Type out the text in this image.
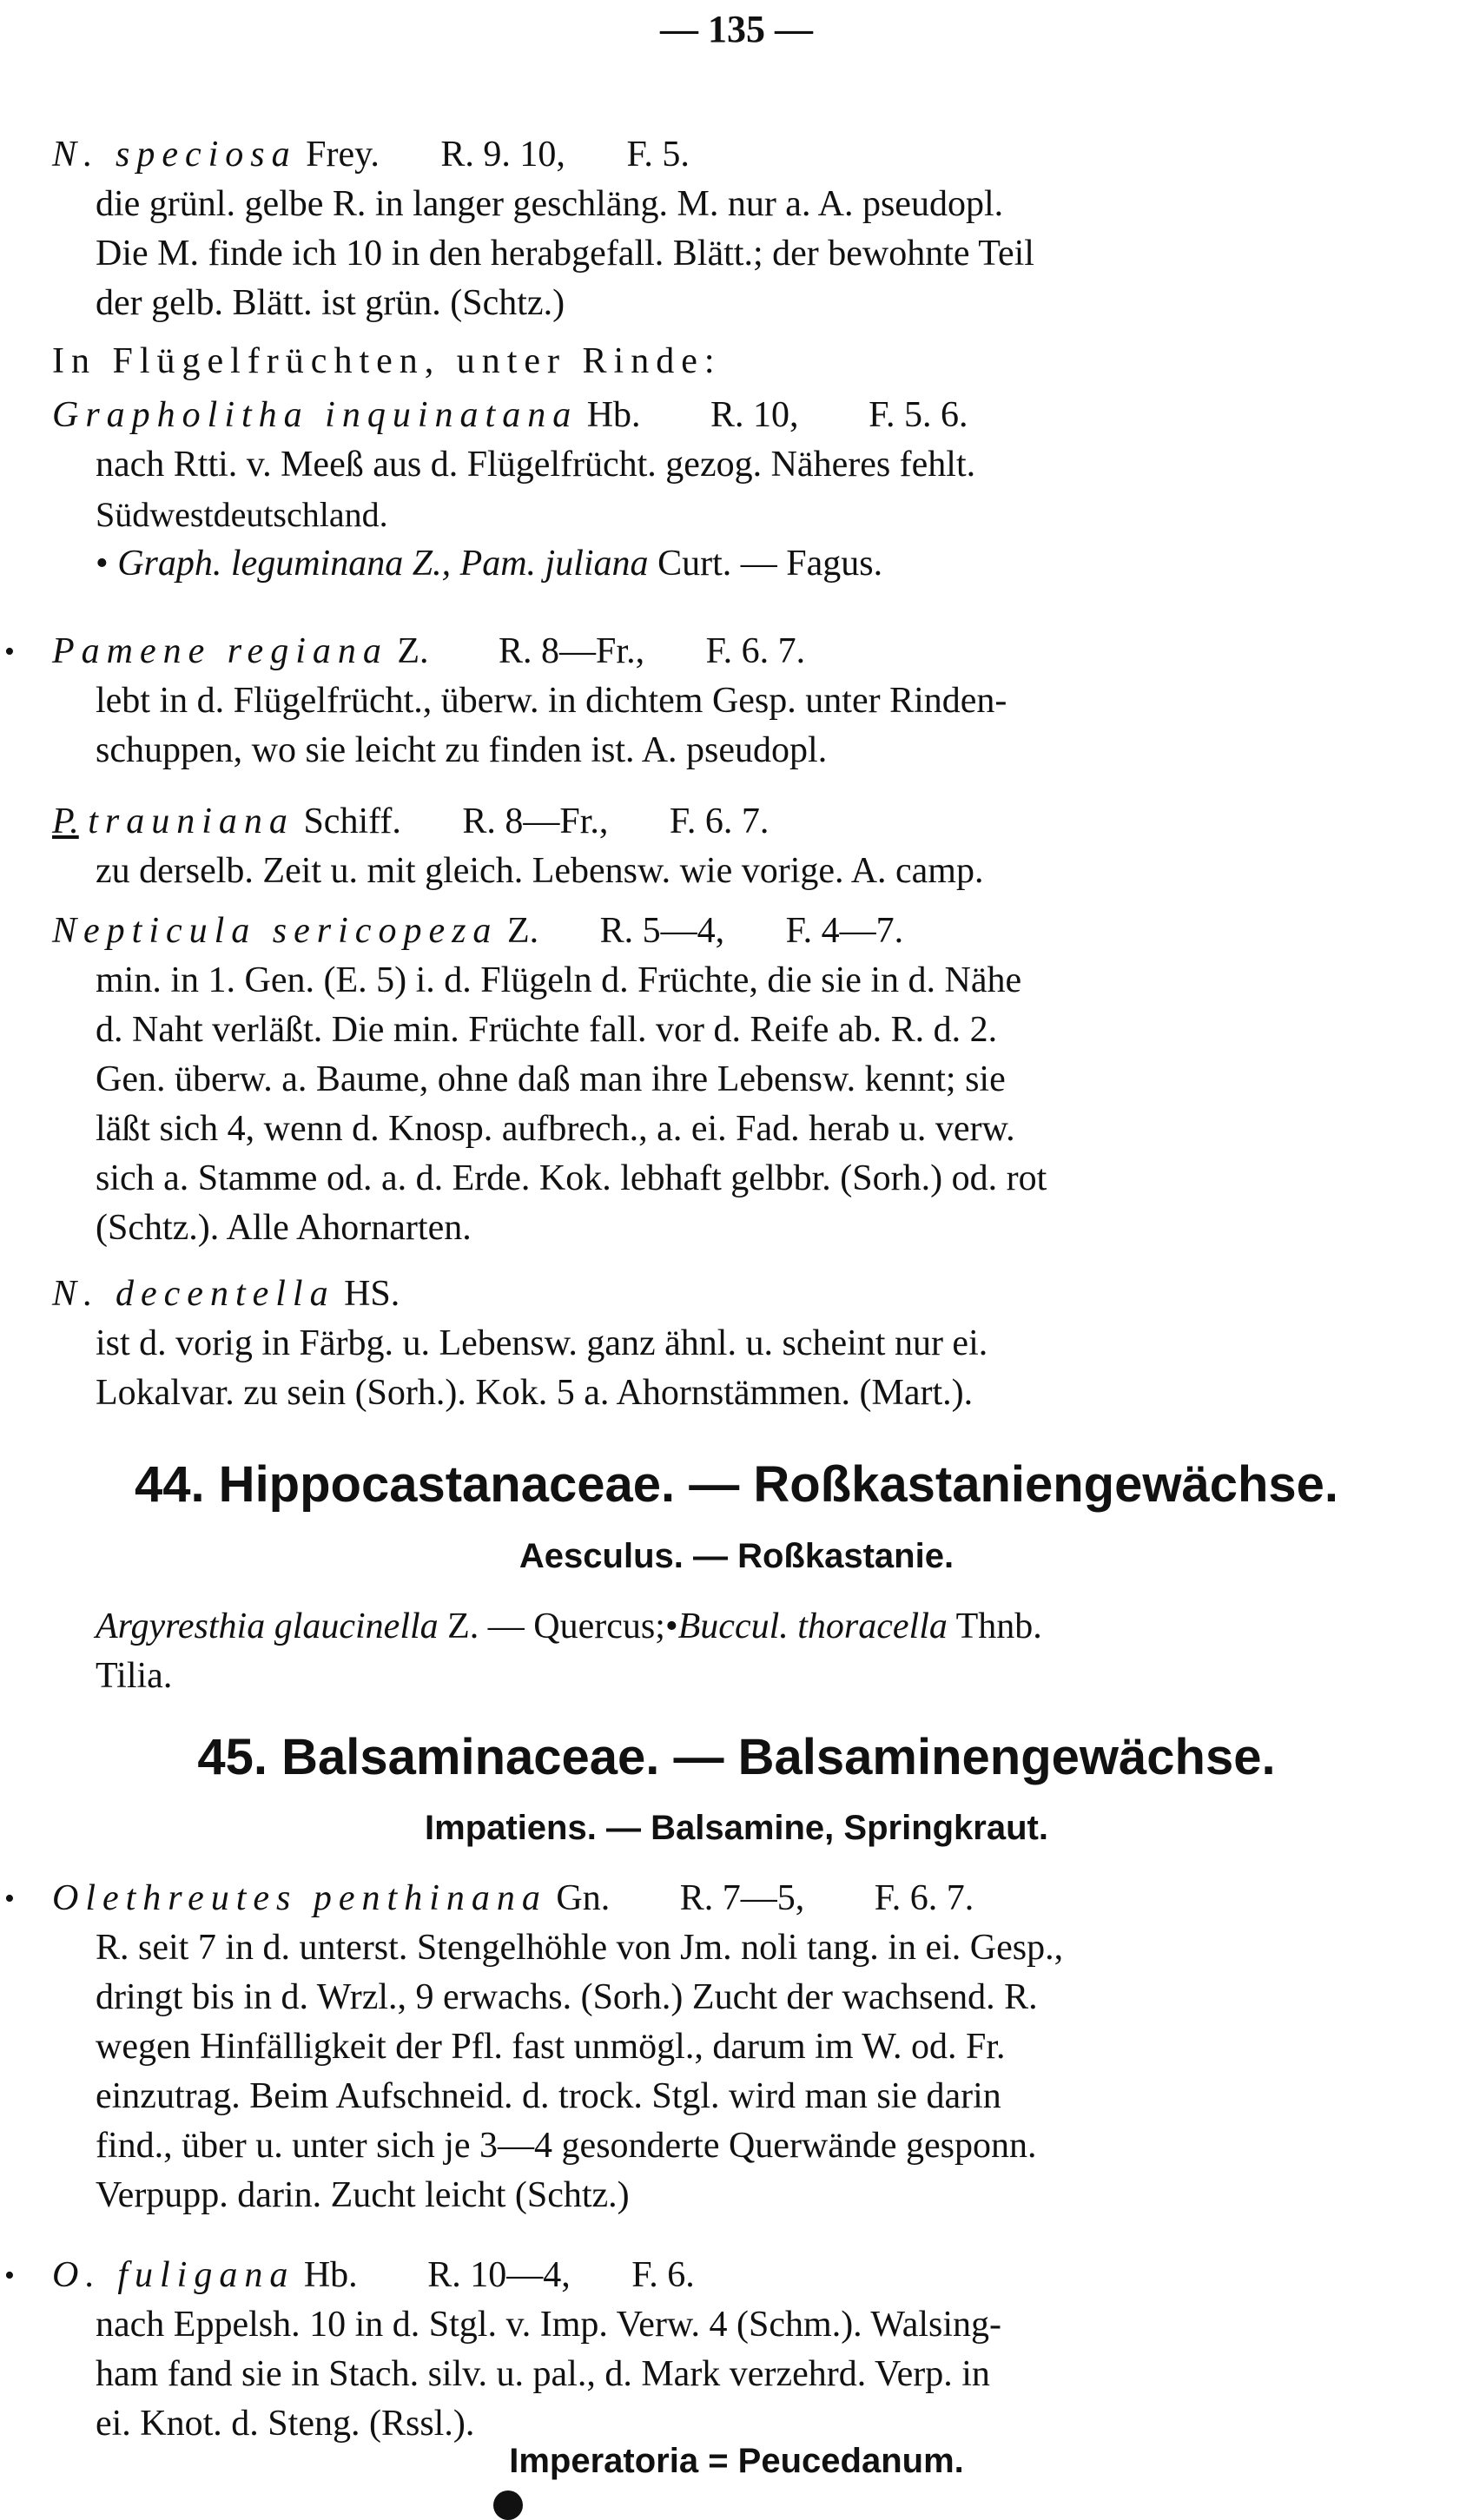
— 135 —
N. speciosa Frey. R. 9. 10, F. 5.
die grünl. gelbe R. in langer geschläng. M. nur a. A. pseudopl.
Die M. finde ich 10 in den herabgefall. Blätt.; der bewohnte Teil
der gelb. Blätt. ist grün. (Schtz.)
In Flügelfrüchten, unter Rinde:
Grapholitha inquinatana Hb. R. 10, F. 5. 6.
nach Rtti. v. Meeß aus d. Flügelfrücht. gezog. Näheres fehlt.
Südwestdeutschland.
• Graph. leguminana Z., Pam. juliana Curt. — Fagus.
• Pamene regiana Z. R. 8—Fr., F. 6. 7.
lebt in d. Flügelfrücht., überw. in dichtem Gesp. unter Rinden-
schuppen, wo sie leicht zu finden ist. A. pseudopl.
P. trauniana Schiff. R. 8—Fr., F. 6. 7.
zu derselb. Zeit u. mit gleich. Lebensw. wie vorige. A. camp.
Nepticula sericopeza Z. R. 5—4, F. 4—7.
min. in 1. Gen. (E. 5) i. d. Flügeln d. Früchte, die sie in d. Nähe
d. Naht verläßt. Die min. Früchte fall. vor d. Reife ab. R. d. 2.
Gen. überw. a. Baume, ohne daß man ihre Lebensw. kennt; sie
läßt sich 4, wenn d. Knosp. aufbrech., a. ei. Fad. herab u. verw.
sich a. Stamme od. a. d. Erde. Kok. lebhaft gelbbr. (Sorh.) od. rot
(Schtz.). Alle Ahornarten.
N. decentella HS.
ist d. vorig in Färbg. u. Lebensw. ganz ähnl. u. scheint nur ei.
Lokalvar. zu sein (Sorh.). Kok. 5 a. Ahornstämmen. (Mart.).
44. Hippocastanaceae. — Roßkastaniengewächse.
Aesculus. — Roßkastanie.
Argyresthia glaucinella Z. — Quercus;•Buccul. thoracella Thnb.
Tilia.
45. Balsaminaceae. — Balsaminengewächse.
Impatiens. — Balsamine, Springkraut.
• Olethreutes penthinana Gn. R. 7—5, F. 6. 7.
R. seit 7 in d. unterst. Stengelhöhle von Jm. noli tang. in ei. Gesp.,
dringt bis in d. Wrzl., 9 erwachs. (Sorh.) Zucht der wachsend. R.
wegen Hinfälligkeit der Pfl. fast unmögl., darum im W. od. Fr.
einzutrag. Beim Aufschneid. d. trock. Stgl. wird man sie darin
find., über u. unter sich je 3—4 gesonderte Querwände gesponn.
Verpupp. darin. Zucht leicht (Schtz.)
• O. fuligana Hb. R. 10—4, F. 6.
nach Eppelsh. 10 in d. Stgl. v. Imp. Verw. 4 (Schm.). Walsing-
ham fand sie in Stach. silv. u. pal., d. Mark verzehrd. Verp. in
ei. Knot. d. Steng. (Rssl.).
Imperatoria = Peucedanum.
